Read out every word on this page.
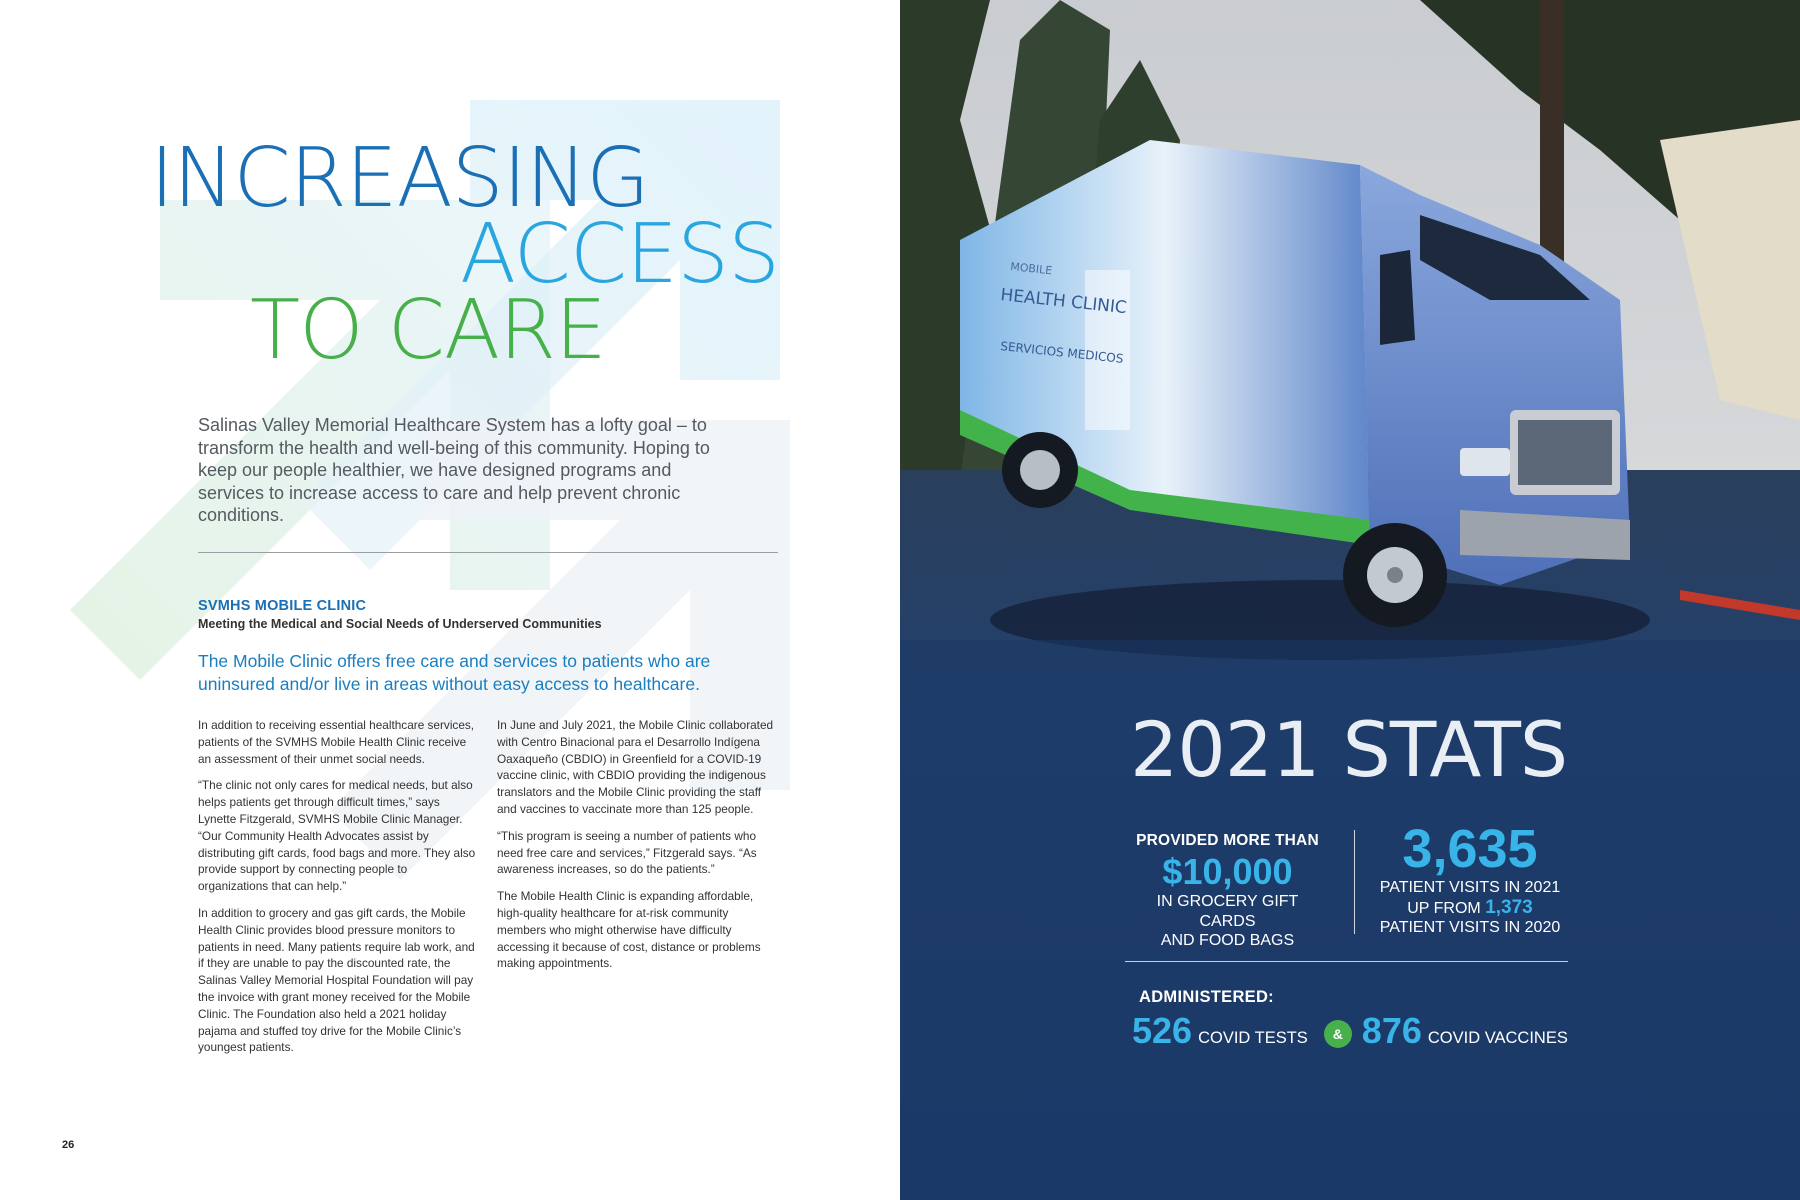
INCREASING
ACCESS
TO CARE

Salinas Valley Memorial Healthcare System has a lofty goal – to transform the health and well-being of this community. Hoping to keep our people healthier, we have designed programs and services to increase access to care and help prevent chronic conditions.

SVMHS MOBILE CLINIC
Meeting the Medical and Social Needs of Underserved Communities

The Mobile Clinic offers free care and services to patients who are uninsured and/or live in areas without easy access to healthcare.

In addition to receiving essential healthcare services, patients of the SVMHS Mobile Health Clinic receive an assessment of their unmet social needs.

“The clinic not only cares for medical needs, but also helps patients get through difficult times,” says Lynette Fitzgerald, SVMHS Mobile Clinic Manager. “Our Community Health Advocates assist by distributing gift cards, food bags and more. They also provide support by connecting people to organizations that can help.”

In addition to grocery and gas gift cards, the Mobile Health Clinic provides blood pressure monitors to patients in need. Many patients require lab work, and if they are unable to pay the discounted rate, the Salinas Valley Memorial Hospital Foundation will pay the invoice with grant money received for the Mobile Clinic. The Foundation also held a 2021 holiday pajama and stuffed toy drive for the Mobile Clinic’s youngest patients.

In June and July 2021, the Mobile Clinic collaborated with Centro Binacional para el Desarrollo Indígena Oaxaqueño (CBDIO) in Greenfield for a COVID-19 vaccine clinic, with CBDIO providing the indigenous translators and the Mobile Clinic providing the staff and vaccines to vaccinate more than 125 people.

“This program is seeing a number of patients who need free care and services,” Fitzgerald says. “As awareness increases, so do the patients.”

The Mobile Health Clinic is expanding affordable, high-quality healthcare for at-risk community members who might otherwise have difficulty accessing it because of cost, distance or problems making appointments.

26
MOBILE
HEALTH CLINIC
SERVICIOS MEDICOS
2021 STATS
PROVIDED MORE THAN
$10,000
IN GROCERY GIFT CARDS
AND FOOD BAGS
3,635
PATIENT VISITS IN 2021
UP FROM 1,373
PATIENT VISITS IN 2020
ADMINISTERED:
526 COVID TESTS	& 876 COVID VACCINES
